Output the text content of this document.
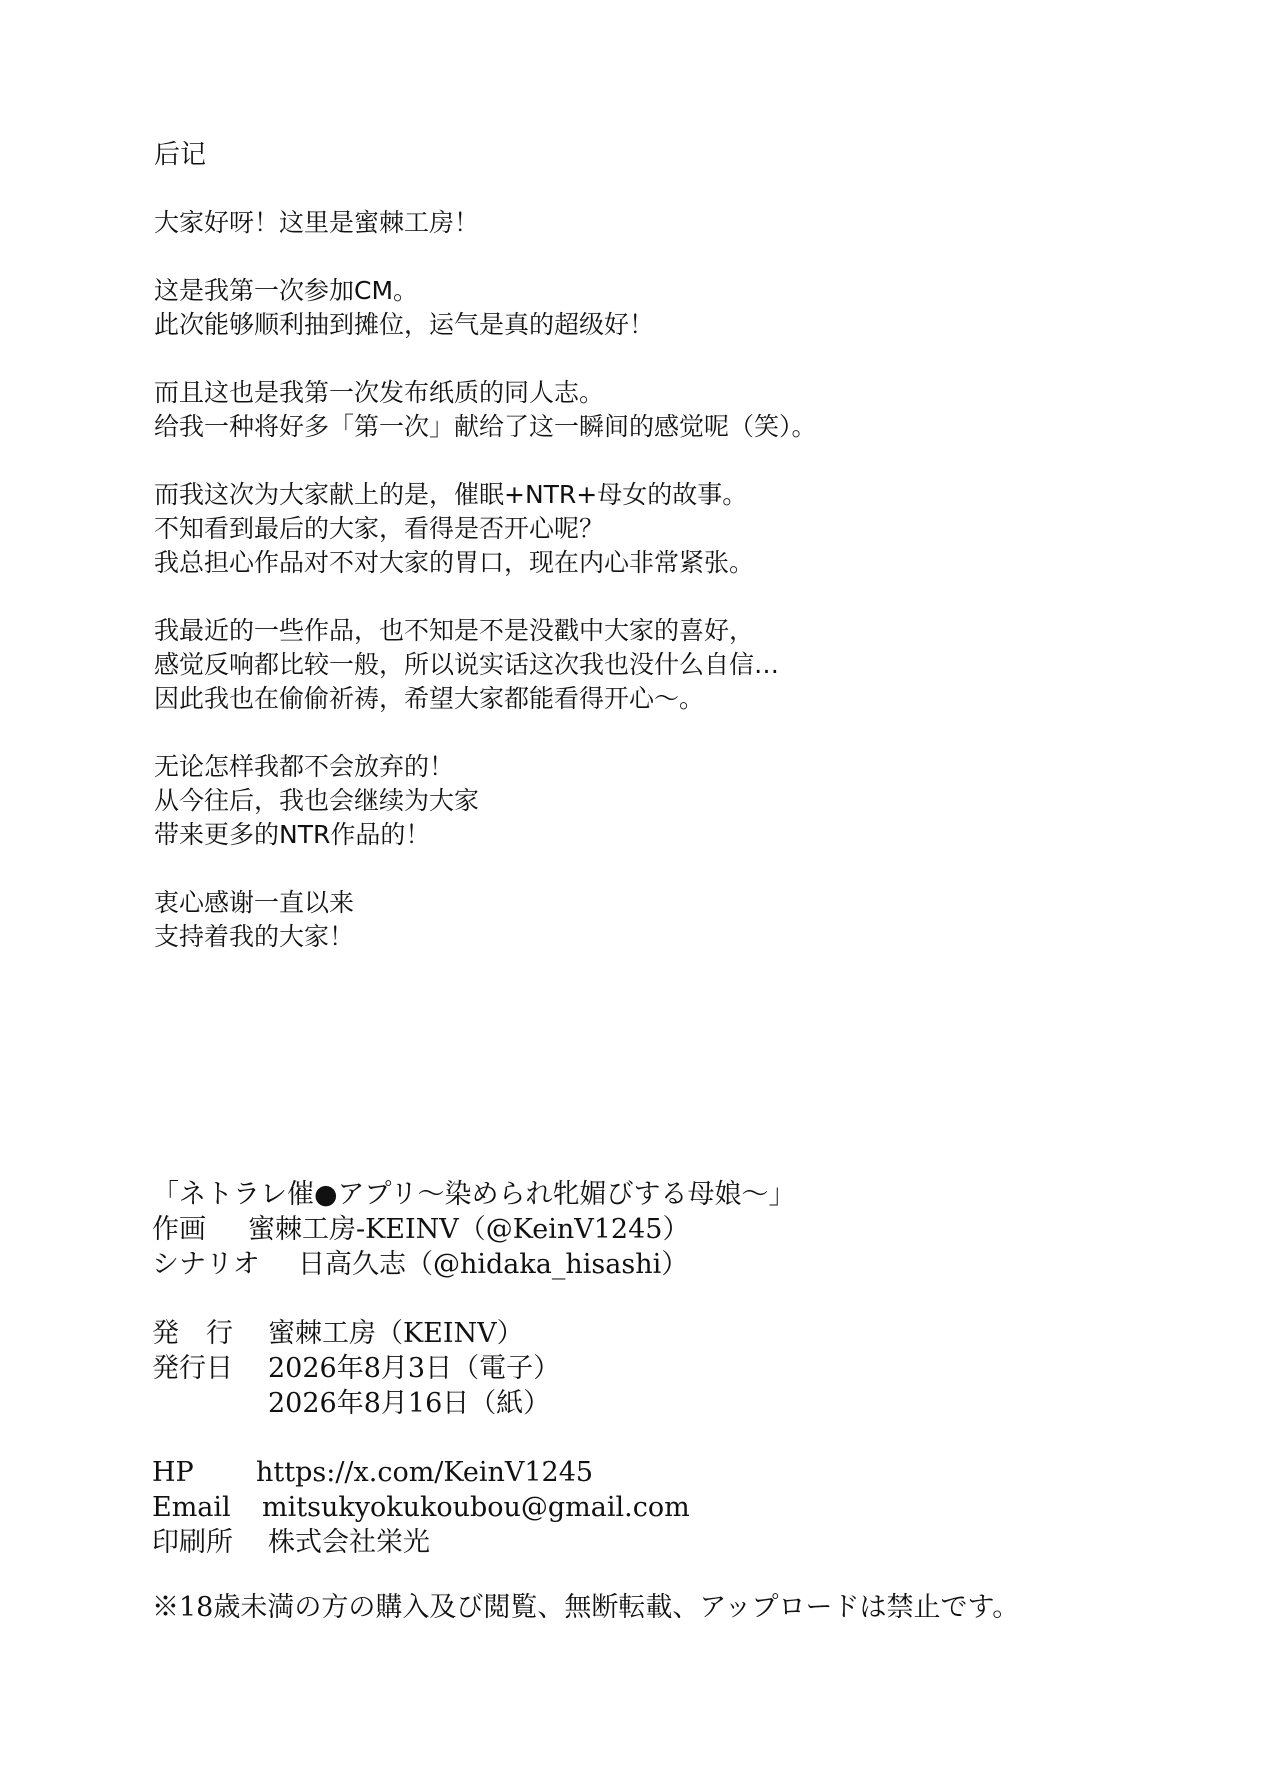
后记

大家好呀！这里是蜜棘工房！

这是我第一次参加CM。
此次能够顺利抽到摊位，运气是真的超级好！

而且这也是我第一次发布纸质的同人志。
给我一种将好多「第一次」献给了这一瞬间的感觉呢（笑）。

而我这次为大家献上的是，催眠+NTR+母女的故事。
不知看到最后的大家，看得是否开心呢？
我总担心作品对不对大家的胃口，现在内心非常紧张。

我最近的一些作品，也不知是不是没戳中大家的喜好，
感觉反响都比较一般，所以说实话这次我也没什么自信…
因此我也在偷偷祈祷，希望大家都能看得开心～。

无论怎样我都不会放弃的！
从今往后，我也会继续为大家
带来更多的NTR作品的！

衷心感谢一直以来
支持着我的大家！

「ネトラレ催●アプリ～染められ牝媚びする母娘～」
作画	蜜棘工房-KEINV（@KeinV1245）
シナリオ	日高久志（@hidaka_hisashi）
発　行	蜜棘工房（KEINV）
発行日	2026年8月3日（電子）
2026年8月16日（紙）
HP	https://x.com/KeinV1245
Email	mitsukyokukoubou@gmail.com
印刷所	株式会社栄光
※18歳未満の方の購入及び閲覧、無断転載、アップロードは禁止です。
